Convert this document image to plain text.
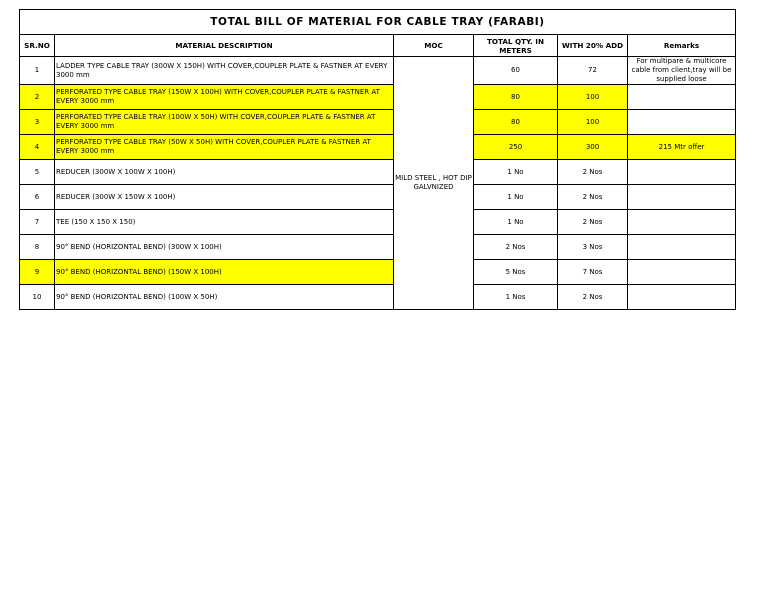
TOTAL BILL OF MATERIAL FOR CABLE TRAY (FARABI)					
SR.NO	MATERIAL DESCRIPTION	MOC	TOTAL QTY. IN METERS	WITH 20% ADD	Remarks
1	LADDER TYPE CABLE TRAY (300W X 150H) WITH COVER,COUPLER PLATE & FASTNER AT EVERY 3000 mm	MILD STEEL , HOT DIP GALVNIZED	60	72	For multipare & multicore cable from client,tray will be supplied loose
2	PERFORATED TYPE CABLE TRAY (150W X 100H) WITH COVER,COUPLER PLATE & FASTNER AT EVERY 3000 mm		80	100	
3	PERFORATED TYPE CABLE TRAY (100W X 50H) WITH COVER,COUPLER PLATE & FASTNER AT EVERY 3000 mm		80	100	
4	PERFORATED TYPE CABLE TRAY (50W X 50H) WITH COVER,COUPLER PLATE & FASTNER AT EVERY 3000 mm		250	300	215 Mtr offer
5	REDUCER (300W X 100W X 100H)		1 No	2 Nos	
6	REDUCER (300W X 150W X 100H)		1 No	2 Nos	
7	TEE (150 X 150 X 150)		1 No	2 Nos	
8	90° BEND (HORIZONTAL BEND) (300W X 100H)		2 Nos	3 Nos	
9	90° BEND (HORIZONTAL BEND) (150W X 100H)		5 Nos	7 Nos	
10	90° BEND (HORIZONTAL BEND) (100W X 50H)		1 Nos	2 Nos	
